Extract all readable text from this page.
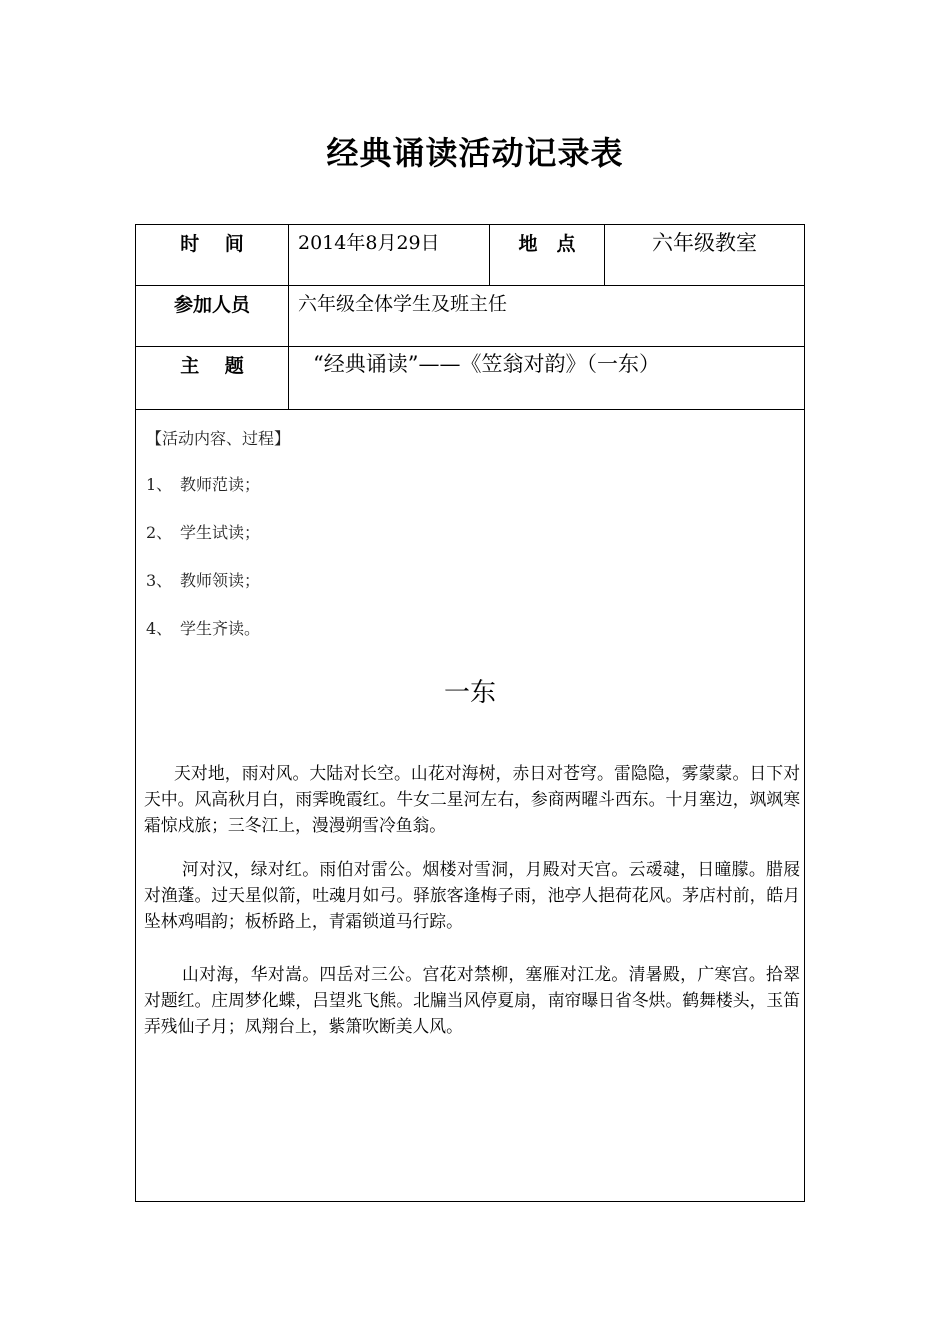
经典诵读活动记录表
时　 间	2014年8月29日	地　点	六年级教室
参加人员	六年级全体学生及班主任
主　 题	“经典诵读”——《笠翁对韵》（一东）
【活动内容、过程】
1、 教师范读；
2、 学生试读；
3、 教师领读；
4、 学生齐读。
一东
天对地，雨对风。大陆对长空。山花对海树，赤日对苍穹。雷隐隐，雾蒙蒙。日下对天中。风高秋月白，雨霁晚霞红。牛女二星河左右，参商两曜斗西东。十月塞边，飒飒寒霜惊戍旅；三冬江上，漫漫朔雪冷鱼翁。
河对汉，绿对红。雨伯对雷公。烟楼对雪洞，月殿对天宫。云叆叇，日曈朦。腊屐对渔蓬。过天星似箭，吐魂月如弓。驿旅客逢梅子雨，池亭人挹荷花风。茅店村前，皓月坠林鸡唱韵；板桥路上，青霜锁道马行踪。
山对海，华对嵩。四岳对三公。宫花对禁柳，塞雁对江龙。清暑殿，广寒宫。拾翠对题红。庄周梦化蝶，吕望兆飞熊。北牖当风停夏扇，南帘曝日省冬烘。鹤舞楼头，玉笛弄残仙子月；凤翔台上，紫箫吹断美人风。
